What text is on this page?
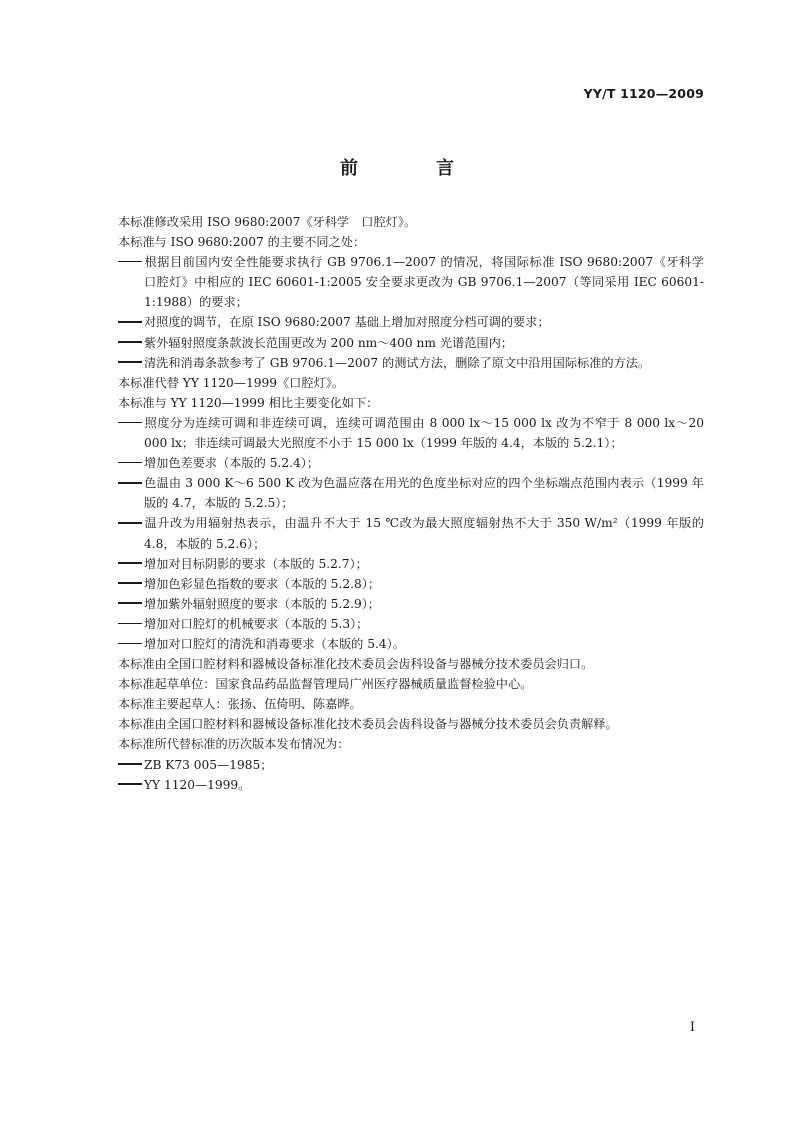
YY/T 1120—2009
前　言

本标准修改采用 ISO 9680:2007《牙科学　口腔灯》。

本标准与 ISO 9680:2007 的主要不同之处：

根据目前国内安全性能要求执行 GB 9706.1—2007 的情况，将国际标准 ISO 9680:2007《牙科学　口腔灯》中相应的 IEC 60601-1:2005 安全要求更改为 GB 9706.1—2007（等同采用 IEC 60601-1:1988）的要求；

对照度的调节，在原 ISO 9680:2007 基础上增加对照度分档可调的要求；

紫外辐射照度条款波长范围更改为 200 nm～400 nm 光谱范围内；

清洗和消毒条款参考了 GB 9706.1—2007 的测试方法，删除了原文中沿用国际标准的方法。

本标准代替 YY 1120—1999《口腔灯》。

本标准与 YY 1120—1999 相比主要变化如下：

照度分为连续可调和非连续可调，连续可调范围由 8 000 lx～15 000 lx 改为不窄于 8 000 lx～20 000 lx；非连续可调最大光照度不小于 15 000 lx（1999 年版的 4.4，本版的 5.2.1）；

增加色差要求（本版的 5.2.4）；

色温由 3 000 K～6 500 K 改为色温应落在用光的色度坐标对应的四个坐标端点范围内表示（1999 年版的 4.7，本版的 5.2.5）；

温升改为用辐射热表示，由温升不大于 15 ℃改为最大照度辐射热不大于 350 W/m²（1999 年版的 4.8，本版的 5.2.6）；

增加对目标阴影的要求（本版的 5.2.7）；

增加色彩显色指数的要求（本版的 5.2.8）；

增加紫外辐射照度的要求（本版的 5.2.9）；

增加对口腔灯的机械要求（本版的 5.3）；

增加对口腔灯的清洗和消毒要求（本版的 5.4）。

本标准由全国口腔材料和器械设备标准化技术委员会齿科设备与器械分技术委员会归口。

本标准起草单位：国家食品药品监督管理局广州医疗器械质量监督检验中心。

本标准主要起草人：张扬、伍倚明、陈嘉晔。

本标准由全国口腔材料和器械设备标准化技术委员会齿科设备与器械分技术委员会负责解释。

本标准所代替标准的历次版本发布情况为：

ZB K73 005—1985；

YY 1120—1999。

I
